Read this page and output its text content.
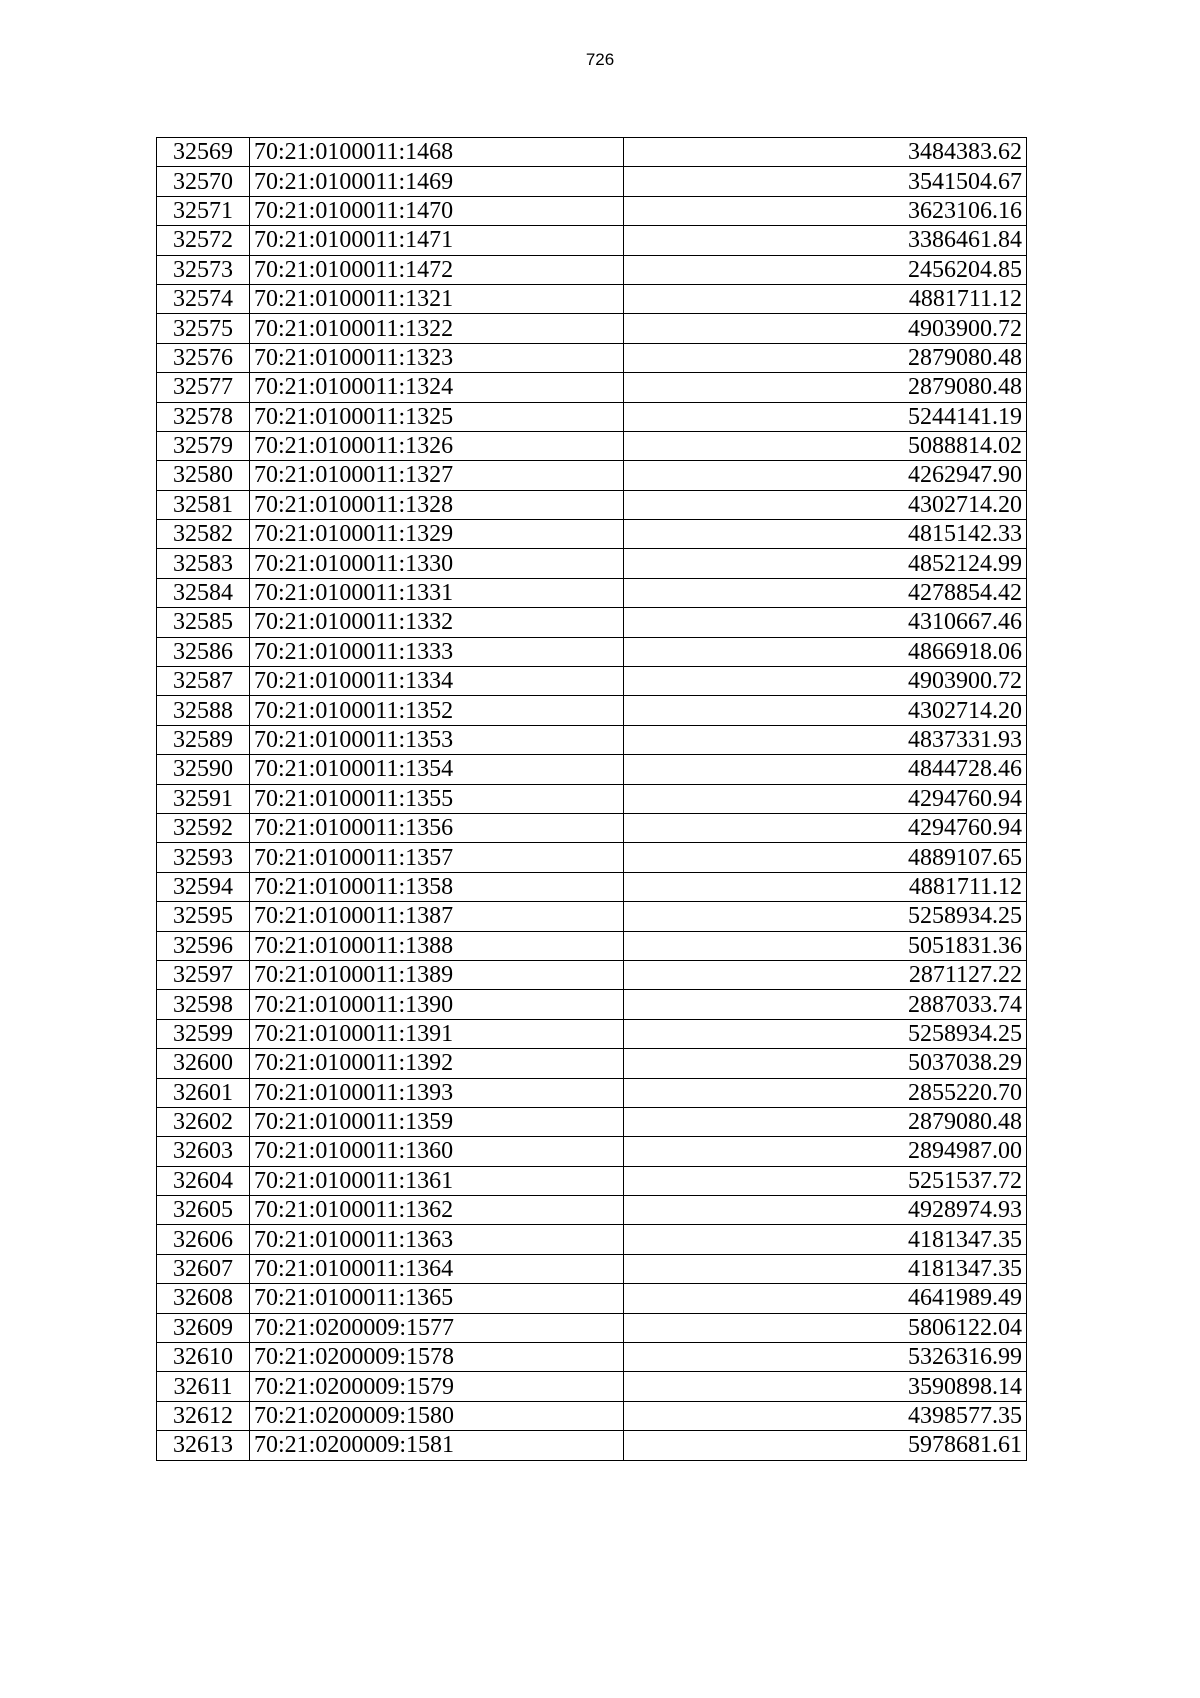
726
32569	70:21:0100011:1468	3484383.62
32570	70:21:0100011:1469	3541504.67
32571	70:21:0100011:1470	3623106.16
32572	70:21:0100011:1471	3386461.84
32573	70:21:0100011:1472	2456204.85
32574	70:21:0100011:1321	4881711.12
32575	70:21:0100011:1322	4903900.72
32576	70:21:0100011:1323	2879080.48
32577	70:21:0100011:1324	2879080.48
32578	70:21:0100011:1325	5244141.19
32579	70:21:0100011:1326	5088814.02
32580	70:21:0100011:1327	4262947.90
32581	70:21:0100011:1328	4302714.20
32582	70:21:0100011:1329	4815142.33
32583	70:21:0100011:1330	4852124.99
32584	70:21:0100011:1331	4278854.42
32585	70:21:0100011:1332	4310667.46
32586	70:21:0100011:1333	4866918.06
32587	70:21:0100011:1334	4903900.72
32588	70:21:0100011:1352	4302714.20
32589	70:21:0100011:1353	4837331.93
32590	70:21:0100011:1354	4844728.46
32591	70:21:0100011:1355	4294760.94
32592	70:21:0100011:1356	4294760.94
32593	70:21:0100011:1357	4889107.65
32594	70:21:0100011:1358	4881711.12
32595	70:21:0100011:1387	5258934.25
32596	70:21:0100011:1388	5051831.36
32597	70:21:0100011:1389	2871127.22
32598	70:21:0100011:1390	2887033.74
32599	70:21:0100011:1391	5258934.25
32600	70:21:0100011:1392	5037038.29
32601	70:21:0100011:1393	2855220.70
32602	70:21:0100011:1359	2879080.48
32603	70:21:0100011:1360	2894987.00
32604	70:21:0100011:1361	5251537.72
32605	70:21:0100011:1362	4928974.93
32606	70:21:0100011:1363	4181347.35
32607	70:21:0100011:1364	4181347.35
32608	70:21:0100011:1365	4641989.49
32609	70:21:0200009:1577	5806122.04
32610	70:21:0200009:1578	5326316.99
32611	70:21:0200009:1579	3590898.14
32612	70:21:0200009:1580	4398577.35
32613	70:21:0200009:1581	5978681.61
